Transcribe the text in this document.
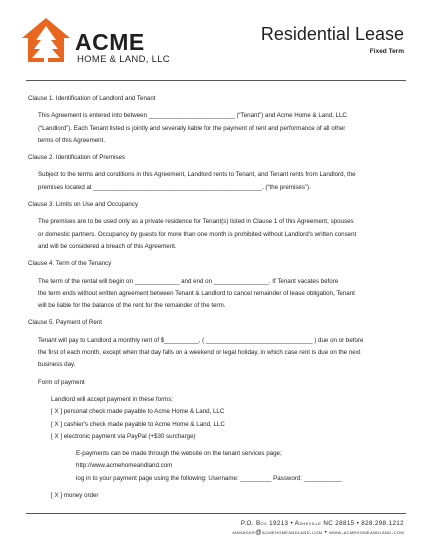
ACME
HOME & LAND, LLC
Residential Lease
Fixed Term
Clause 1. Identification of Landlord and Tenant
This Agreement is entered into between _________________________ (“Tenant”) and Acme Home & Land, LLC
(“Landlord”). Each Tenant listed is jointly and severally liable for the payment of rent and performance of all other
terms of this Agreement.
Clause 2. Identification of Premises
Subject to the terms and conditions in this Agreement, Landlord rents to Tenant, and Tenant rents from Landlord, the
premises located at _________________________________________________, (“the premises”).
Clause 3. Limits on Use and Occupancy
The premises are to be used only as a private residence for Tenant(s) listed in Clause 1 of this Agreement, spouses
or domestic partners. Occupancy by guests for more than one month is prohibited without Landlord's written consent
and will be considered a breach of this Agreement.
Clause 4. Term of the Tenancy
The term of the rental will begin on _____________ and end on ________________. If Tenant vacates before
the term ends without written agreement between Tenant & Landlord to cancel remainder of lease obligation, Tenant
will be liable for the balance of the rent for the remainder of the term.
Clause 5. Payment of Rent
Tenant will pay to Landlord a monthly rent of $__________, ( _______________________________ ) due on or before
the first of each month, except when that day falls on a weekend or legal holiday, in which case rent is due on the next
business day.
Form of payment
Landlord will accept payment in these forms:
[ X ] personal check made payable to Acme Home & Land, LLC
[ X ] cashier's check made payable to Acme Home & Land, LLC
[ X ] electronic payment via PayPal (+$30 surcharge)
E-payments can be made through the website on the tenant services page;
http://www.acmehomeandland.com
log in to your payment page using the following: Username: _________ Password: ___________
[ X ] money order
P.O. Box 19213 • Asheville NC 28815 • 828.298.1212
manager@acmehomeandland.com • www.acmehomeandland.com
